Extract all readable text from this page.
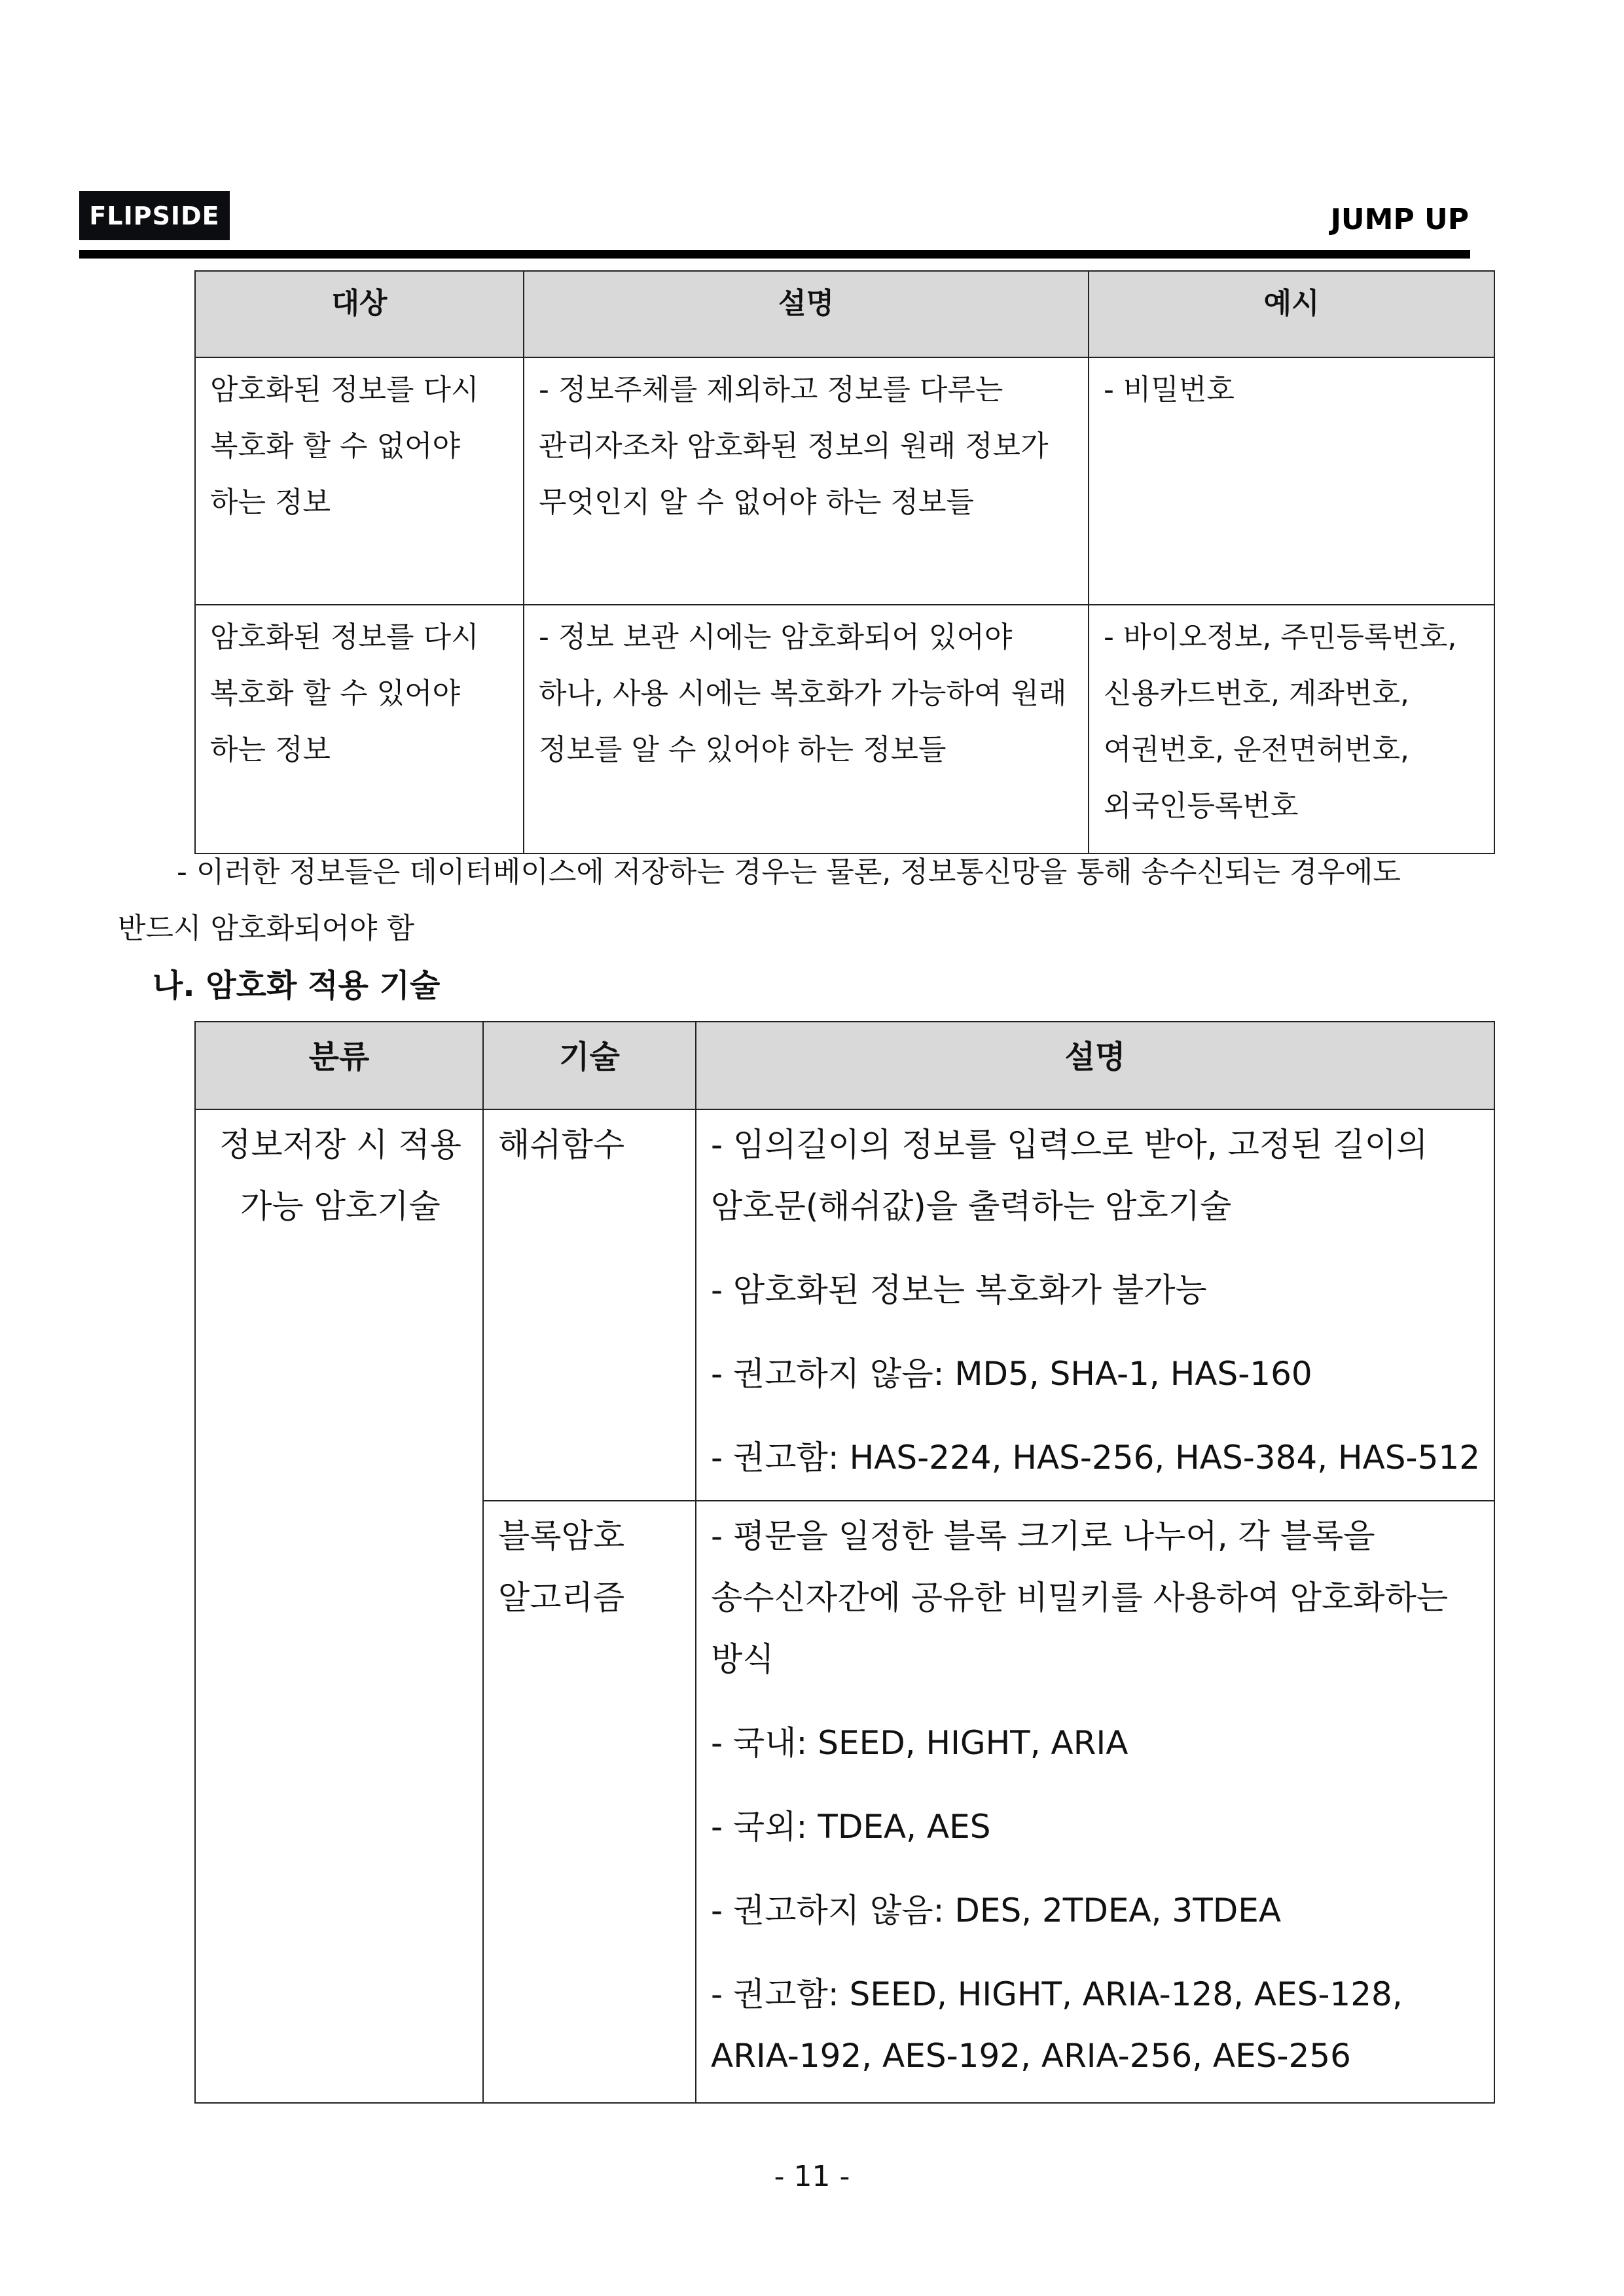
FLIPSIDE	JUMP UP
대상	설명	예시
암호화된 정보를 다시 복호화 할 수 없어야 하는 정보	- 정보주체를 제외하고 정보를 다루는 관리자조차 암호화된 정보의 원래 정보가 무엇인지 알 수 없어야 하는 정보들	- 비밀번호
암호화된 정보를 다시 복호화 할 수 있어야 하는 정보	- 정보 보관 시에는 암호화되어 있어야 하나, 사용 시에는 복호화가 가능하여 원래 정보를 알 수 있어야 하는 정보들	- 바이오정보, 주민등록번호, 신용카드번호, 계좌번호, 여권번호, 운전면허번호, 외국인등록번호
- 이러한 정보들은 데이터베이스에 저장하는 경우는 물론, 정보통신망을 통해 송수신되는 경우에도
반드시 암호화되어야 함
나. 암호화 적용 기술
분류	기술	설명
정보저장 시 적용 가능 암호기술	해쉬함수	- 임의길이의 정보를 입력으로 받아, 고정된 길이의 암호문(해쉬값)을 출력하는 암호기술
- 암호화된 정보는 복호화가 불가능
- 권고하지 않음: MD5, SHA-1, HAS-160
- 권고함: HAS-224, HAS-256, HAS-384, HAS-512

	블록암호 알고리즘	- 평문을 일정한 블록 크기로 나누어, 각 블록을 송수신자간에 공유한 비밀키를 사용하여 암호화하는 방식
- 국내: SEED, HIGHT, ARIA
- 국외: TDEA, AES
- 권고하지 않음: DES, 2TDEA, 3TDEA
- 권고함: SEED, HIGHT, ARIA-128, AES-128, ARIA-192, AES-192, ARIA-256, AES-256
- 11 -
